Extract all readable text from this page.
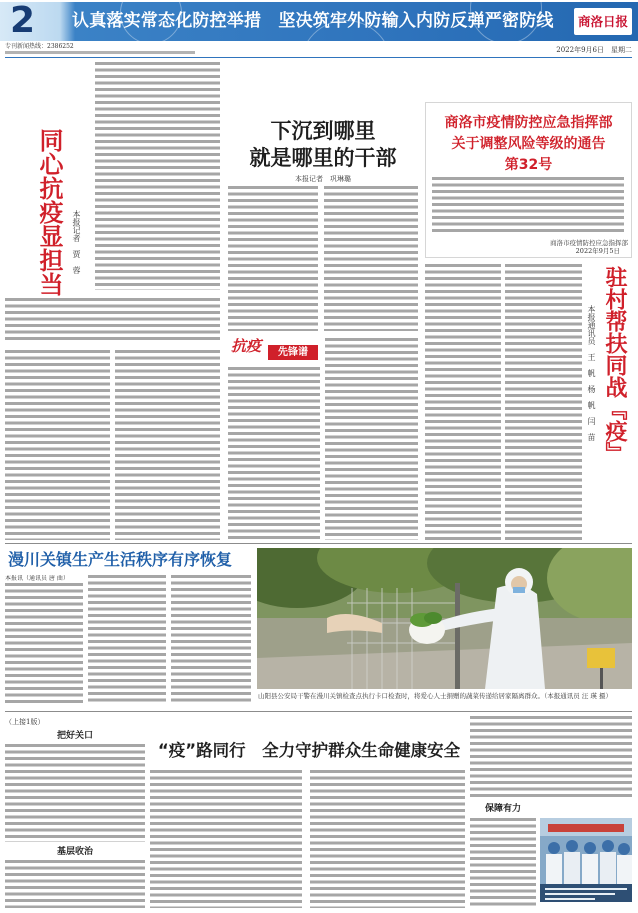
2 认真落实常态化防控举措　坚决筑牢外防输入内防反弹严密防线	商洛日报
专刊新闻热线：2386252	2022年9月6日　星期二
同心抗疫显担当 本报记者　贾　蓉
下沉到哪里
就是哪里的干部
本报记者　巩琳璐
抗疫	先锋谱
商洛市疫情防控应急指挥部
关于调整风险等级的通告
第32号
商洛市疫情防控应急指挥部
2022年9月5日
驻村帮扶同战『疫』
本报通讯员　王　帆　杨　帆　闫　苗
漫川关镇生产生活秩序有序恢复
本报讯（通讯员 唐 曲）
山阳县公安局干警在漫川关镇检查点执行卡口检查时，将爱心人士捐赠的蔬菜传递给居家隔离群众。（本报通讯员 汪 瑛 摄）
（上接1版）
把好关口
基层收治
“疫”路同行　全力守护群众生命健康安全
保障有力
